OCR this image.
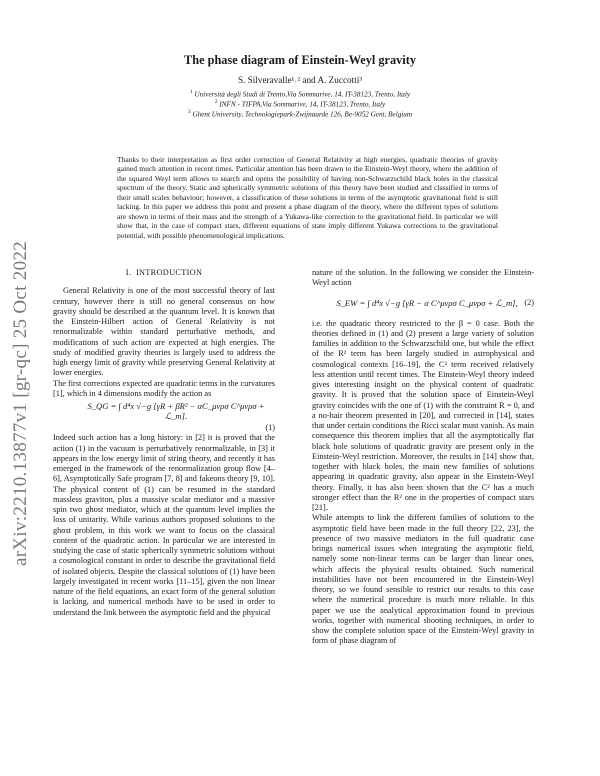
arXiv:2210.13877v1 [gr-qc] 25 Oct 2022
The phase diagram of Einstein-Weyl gravity
S. Silveravalle¹˒² and A. Zuccotti³
$^1$ Università degli Studi di Trento,Via Sommarive, 14, IT-38123, Trento, Italy
$^2$ INFN - TIFPA,Via Sommarive, 14, IT-38123, Trento, Italy
$^3$ Ghent University, Technologiepark-Zwijnaarde 126, Be-9052 Gent, Belgium
Thanks to their interpretation as first order correction of General Relativity at high energies, quadratic theories of gravity gained much attention in recent times. Particular attention has been drawn to the Einstein-Weyl theory, where the addition of the squared Weyl term allows to search and opens the possibility of having non-Schwarzschild black holes in the classical spectrum of the theory. Static and spherically symmetric solutions of this theory have been studied and classified in terms of their small scales behaviour; however, a classification of these solutions in terms of the asymptotic gravitational field is still lacking. In this paper we address this point and present a phase diagram of the theory, where the different types of solutions are shown in terms of their mass and the strength of a Yukawa-like correction to the gravitational field. In particular we will show that, in the case of compact stars, different equations of state imply different Yukawa corrections to the gravitational potential, with possible phenomenological implications.
I. INTRODUCTION

General Relativity is one of the most successful theory of last century, however there is still no general consensus on how gravity should be described at the quantum level. It is known that the Einstein-Hilbert action of General Relativity is not renormalizable within standard perturbative methods, and modifications of such action are expected at high energies. The study of modified gravity theories is largely used to address the high energy limit of gravity while preserving General Relativity at lower energies.

The first corrections expected are quadratic terms in the curvatures [1], which in 4 dimensions modify the action as

S_QG = ∫ d⁴x √−g [γR + βR² − αC_μνρσ C^μνρσ + ℒ_m].
(1)

Indeed such action has a long history: in [2] it is proved that the action (1) in the vacuum is perturbatively renormalizable, in [3] it appears in the low energy limit of string theory, and recently it has emerged in the framework of the renormalization group flow [4–6], Asymptotically Safe program [7, 8] and fakeons theory [9, 10]. The physical content of (1) can be resumed in the standard massless graviton, plus a massive scalar mediator and a massive spin two ghost mediator, which at the quantum level implies the loss of unitarity. While various authors proposed solutions to the ghost problem, in this work we want to focus on the classical content of the quadratic action. In particular we are interested in studying the case of static spherically symmetric solutions without a cosmological constant in order to describe the gravitational field of isolated objects. Despite the classical solutions of (1) have been largely investigated in recent works [11–15], given the non linear nature of the field equations, an exact form of the general solution is lacking, and numerical methods have to be used in order to understand the link between the asymptotic field and the physical

nature of the solution. In the following we consider the Einstein-Weyl action

S_EW = ∫ d⁴x √−g [γR − α C^μνρσ C_μνρσ + ℒ_m], (2)

i.e. the quadratic theory restricted to the β = 0 case. Both the theories defined in (1) and (2) present a large variety of solution families in addition to the Schwarzschild one, but while the effect of the R² term has been largely studied in astrophysical and cosmological contexts [16–19], the C² term received relatively less attention until recent times. The Einstein-Weyl theory indeed gives interesting insight on the physical content of quadratic gravity. It is proved that the solution space of Einstein-Weyl gravity coincides with the one of (1) with the constraint R = 0, and a no-hair theorem presented in [20], and corrected in [14], states that under certain conditions the Ricci scalar must vanish. As main consequence this theorem implies that all the asymptotically flat black hole solutions of quadratic gravity are present only in the Einstein-Weyl restriction. Moreover, the results in [14] show that, together with black holes, the main new families of solutions appearing in quadratic gravity, also appear in the Einstein-Weyl theory. Finally, it has also been shown that the C² has a much stronger effect than the R² one in the properties of compact stars [21].

While attempts to link the different families of solutions to the asymptotic field have been made in the full theory [22, 23], the presence of two massive mediators in the full quadratic case brings numerical issues when integrating the asymptotic field, namely some non-linear terms can be larger than linear ones, which affects the physical results obtained. Such numerical instabilities have not been encountered in the Einstein-Weyl theory, so we found sensible to restrict our results to this case where the numerical procedure is much more reliable. In this paper we use the analytical approximation found in previous works, together with numerical shooting techniques, in order to show the complete solution space of the Einstein-Weyl gravity in form of phase diagram of
